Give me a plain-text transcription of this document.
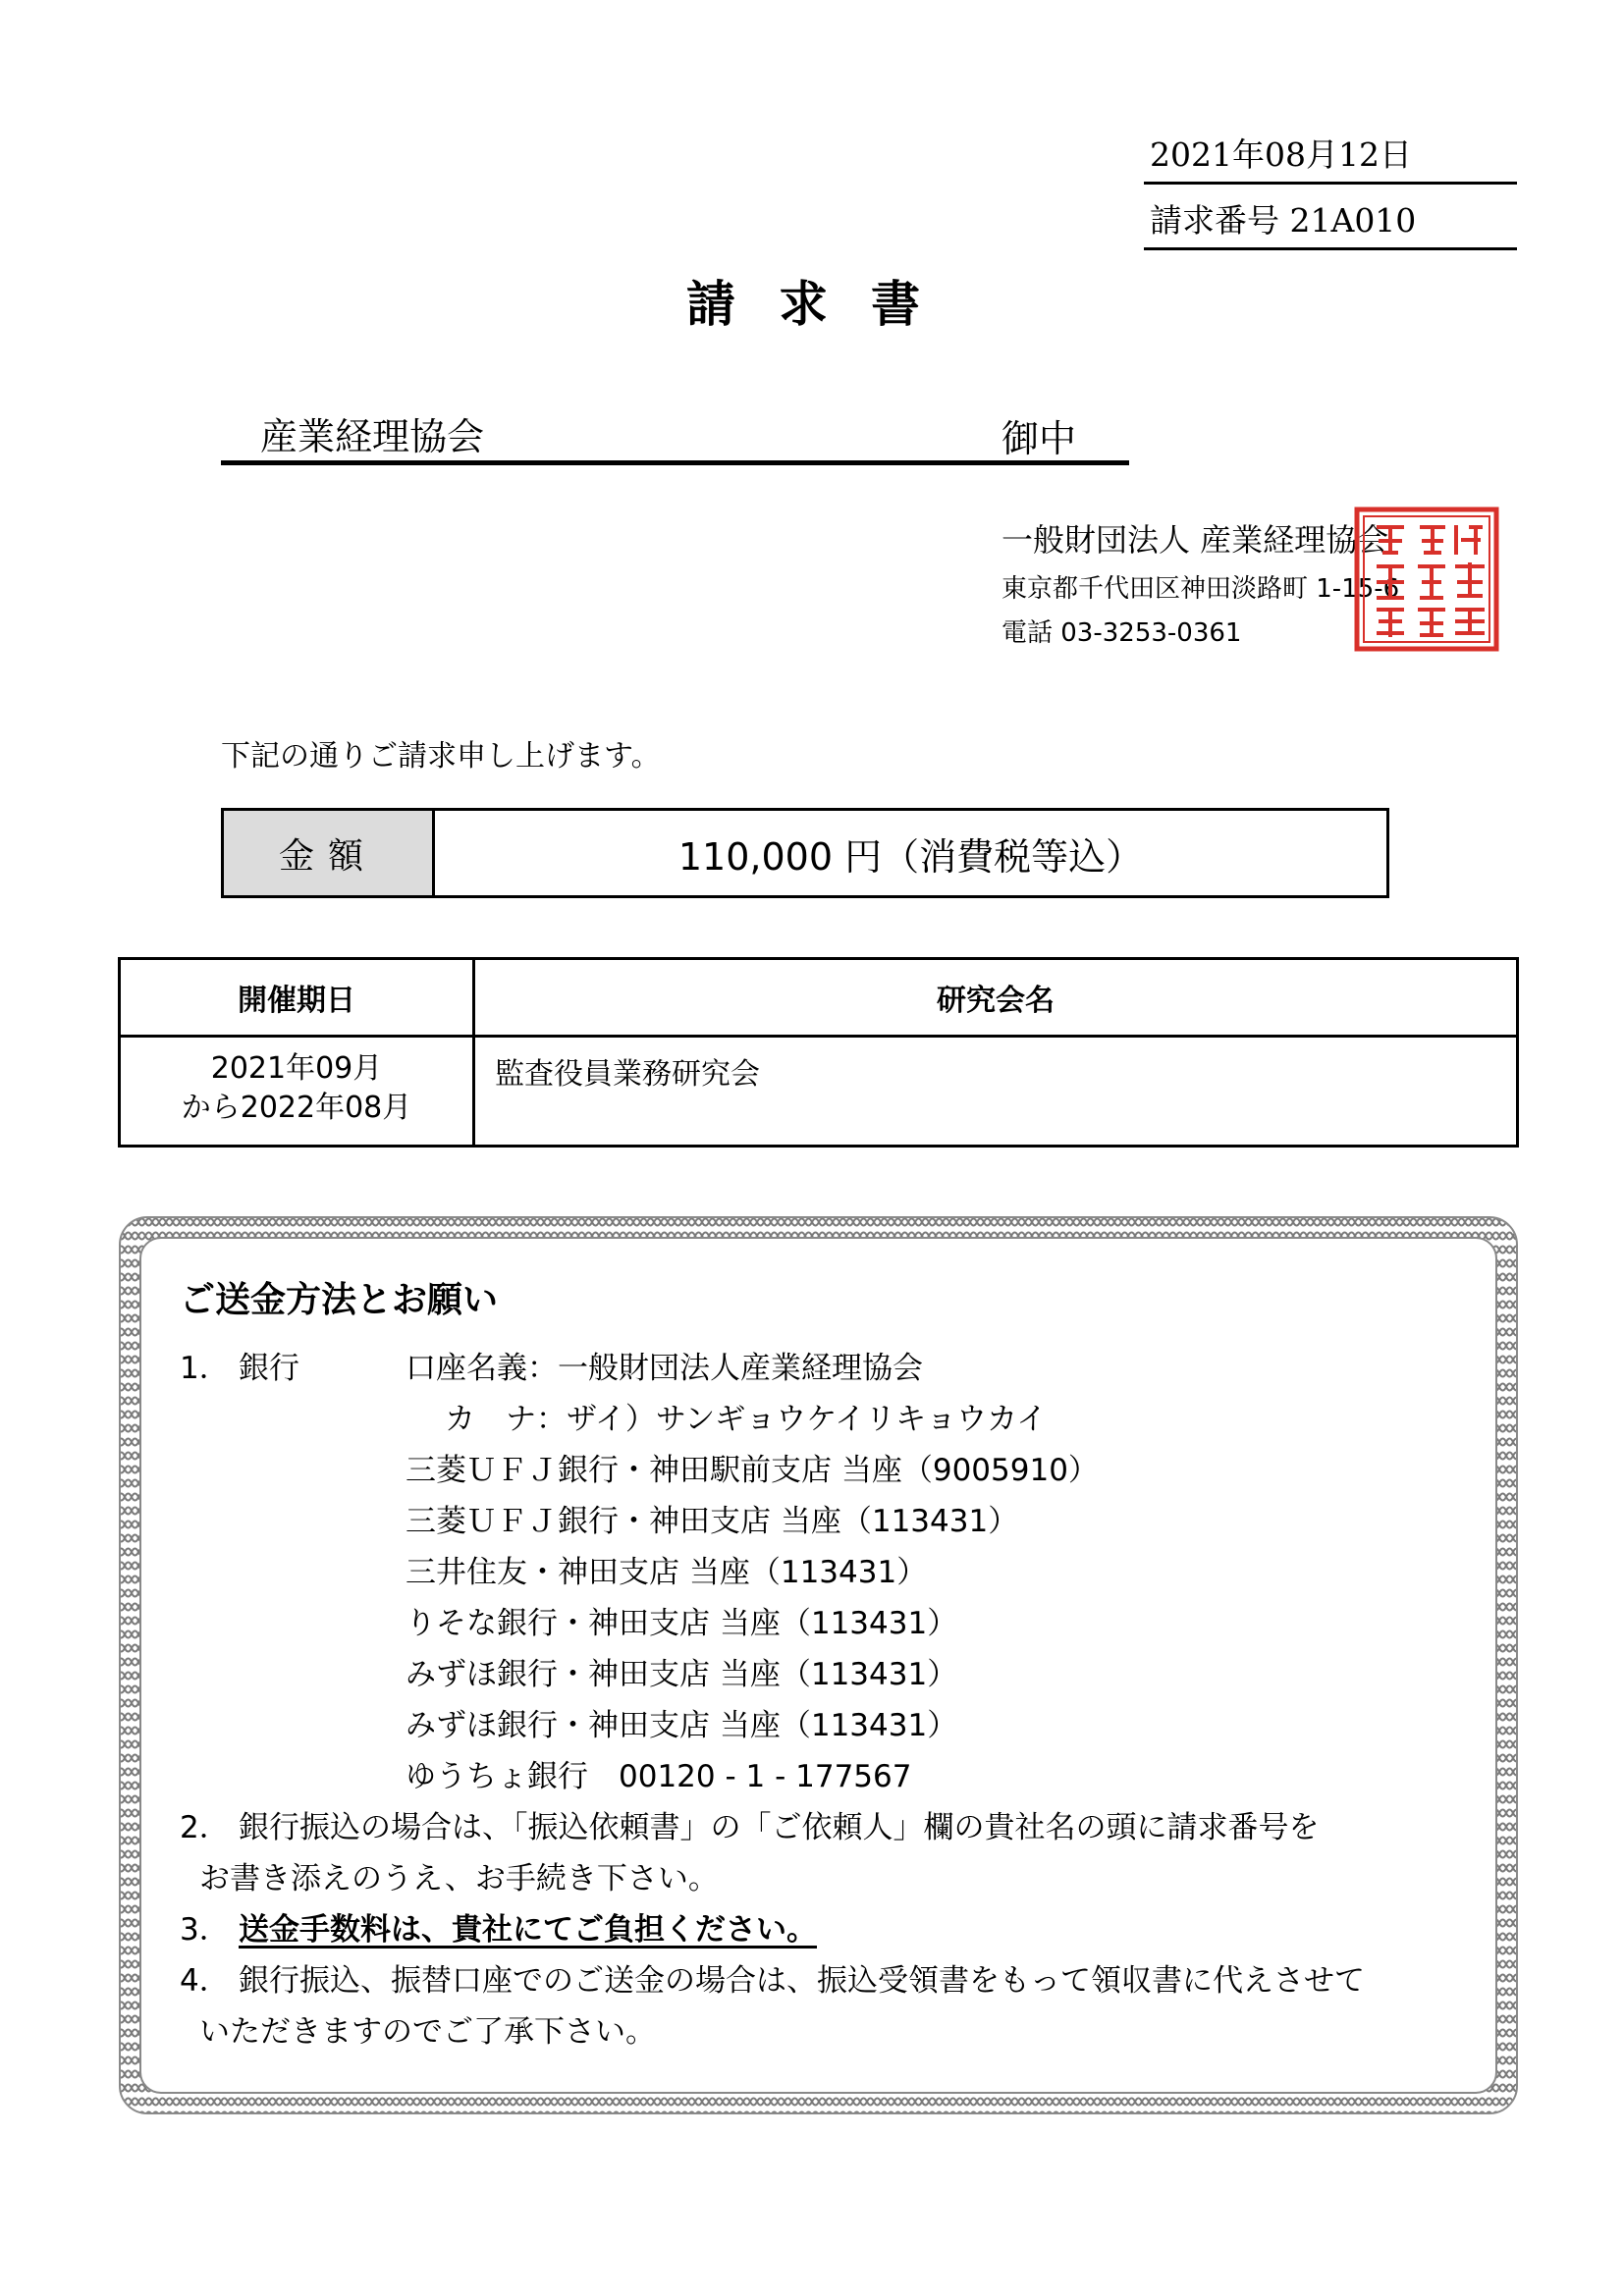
2021年08月12日
請求番号 21A010
請求書
産業経理協会	御中
一般財団法人 産業経理協会
東京都千代田区神田淡路町 1-15-6
電話 03-3253-0361
下記の通りご請求申し上げます。
金額	110,000 円（消費税等込）
開催期日	研究会名

2021年09月
から2022年08月	監査役員業務研究会
ご送金方法とお願い
1． 銀行	口座名義：一般財団法人産業経理協会
カ　ナ：ザイ）サンギョウケイリキョウカイ
三菱ＵＦＪ銀行・神田駅前支店 当座（9005910）
三菱ＵＦＪ銀行・神田支店 当座（113431）
三井住友・神田支店 当座（113431）
りそな銀行・神田支店 当座（113431）
みずほ銀行・神田支店 当座（113431）
みずほ銀行・神田支店 当座（113431）
ゆうちょ銀行　00120 - 1 - 177567
2． 銀行振込の場合は、「振込依頼書」の「ご依頼人」欄の貴社名の頭に請求番号を
お書き添えのうえ、お手続き下さい。
3． 送金手数料は、貴社にてご負担ください。
4． 銀行振込、振替口座でのご送金の場合は、振込受領書をもって領収書に代えさせて
いただきますのでご了承下さい。
